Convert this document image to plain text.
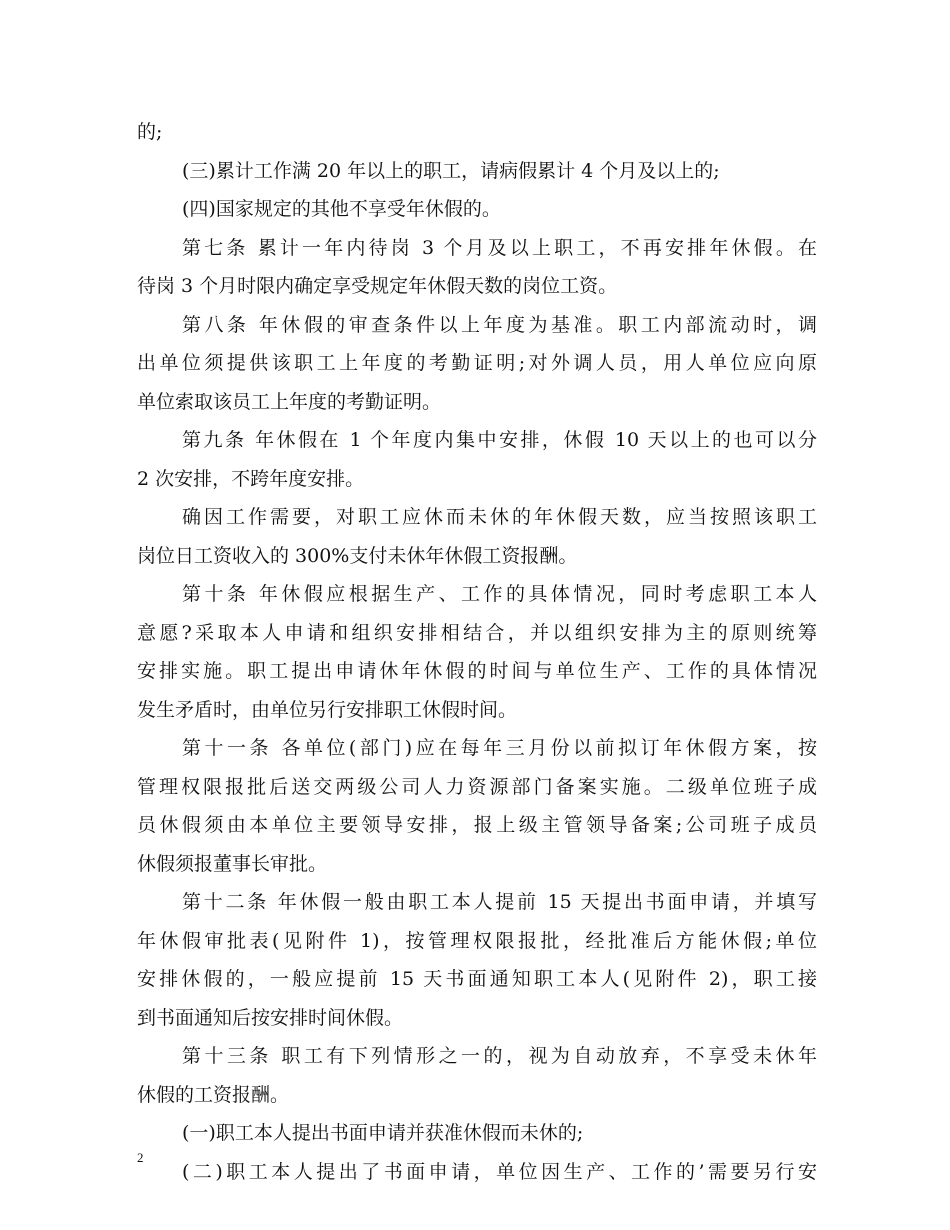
的;
(三)累计工作满 20 年以上的职工，请病假累计 4 个月及以上的;
(四)国家规定的其他不享受年休假的。
第七条 累计一年内待岗 3 个月及以上职工，不再安排年休假。在
待岗 3 个月时限内确定享受规定年休假天数的岗位工资。
第八条 年休假的审查条件以上年度为基准。职工内部流动时，调
出单位须提供该职工上年度的考勤证明;对外调人员，用人单位应向原
单位索取该员工上年度的考勤证明。
第九条 年休假在 1 个年度内集中安排，休假 10 天以上的也可以分
2 次安排，不跨年度安排。
确因工作需要，对职工应休而未休的年休假天数，应当按照该职工
岗位日工资收入的 300%支付未休年休假工资报酬。
第十条 年休假应根据生产、工作的具体情况，同时考虑职工本人
意愿?采取本人申请和组织安排相结合，并以组织安排为主的原则统筹
安排实施。职工提出申请休年休假的时间与单位生产、工作的具体情况
发生矛盾时，由单位另行安排职工休假时间。
第十一条 各单位(部门)应在每年三月份以前拟订年休假方案，按
管理权限报批后送交两级公司人力资源部门备案实施。二级单位班子成
员休假须由本单位主要领导安排，报上级主管领导备案;公司班子成员
休假须报董事长审批。
第十二条 年休假一般由职工本人提前 15 天提出书面申请，并填写
年休假审批表(见附件 1)，按管理权限报批，经批准后方能休假;单位
安排休假的，一般应提前 15 天书面通知职工本人(见附件 2)，职工接
到书面通知后按安排时间休假。
第十三条 职工有下列情形之一的，视为自动放弃，不享受未休年
休假的工资报酬。
(一)职工本人提出书面申请并获准休假而未休的;
(二)职工本人提出了书面申请，单位因生产、工作的’需要另行安
2
